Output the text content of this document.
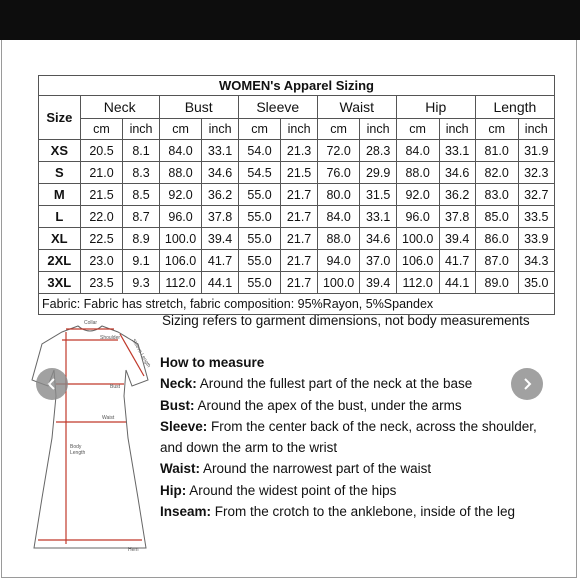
WOMEN's Apparel Sizing												
Size	Neck		Bust		Sleeve		Waist		Hip		Length	
	cm	inch	cm	inch	cm	inch	cm	inch	cm	inch	cm	inch
XS	20.5	8.1	84.0	33.1	54.0	21.3	72.0	28.3	84.0	33.1	81.0	31.9
S	21.0	8.3	88.0	34.6	54.5	21.5	76.0	29.9	88.0	34.6	82.0	32.3
M	21.5	8.5	92.0	36.2	55.0	21.7	80.0	31.5	92.0	36.2	83.0	32.7
L	22.0	8.7	96.0	37.8	55.0	21.7	84.0	33.1	96.0	37.8	85.0	33.5
XL	22.5	8.9	100.0	39.4	55.0	21.7	88.0	34.6	100.0	39.4	86.0	33.9
2XL	23.0	9.1	106.0	41.7	55.0	21.7	94.0	37.0	106.0	41.7	87.0	34.3
3XL	23.5	9.3	112.0	44.1	55.0	21.7	100.0	39.4	112.0	44.1	89.0	35.0
Fabric: Fabric has stretch, fabric composition: 95%Rayon, 5%Spandex												
Collar
Shoulder Sleeve Length
Bust
Waist
Body
Length
Hem
Sizing refers to garment dimensions, not body measurements
How to measure
Neck: Around the fullest part of the neck at the base
Bust: Around the apex of the bust, under the arms
Sleeve: From the center back of the neck, across the shoulder, and down the arm to the wrist
Waist: Around the narrowest part of the waist
Hip: Around the widest point of the hips
Inseam: From the crotch to the anklebone, inside of the leg
